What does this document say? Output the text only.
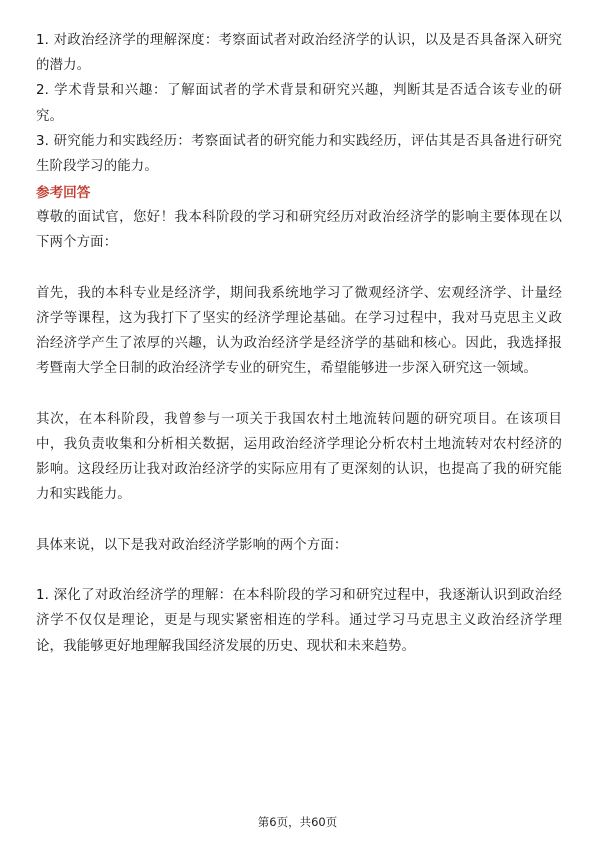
1. 对政治经济学的理解深度：考察面试者对政治经济学的认识，以及是否具备深入研究的潜力。

2. 学术背景和兴趣：了解面试者的学术背景和研究兴趣，判断其是否适合该专业的研究。

3. 研究能力和实践经历：考察面试者的研究能力和实践经历，评估其是否具备进行研究生阶段学习的能力。

参考回答

尊敬的面试官，您好！我本科阶段的学习和研究经历对政治经济学的影响主要体现在以下两个方面：

首先，我的本科专业是经济学，期间我系统地学习了微观经济学、宏观经济学、计量经济学等课程，这为我打下了坚实的经济学理论基础。在学习过程中，我对马克思主义政治经济学产生了浓厚的兴趣，认为政治经济学是经济学的基础和核心。因此，我选择报考暨南大学全日制的政治经济学专业的研究生，希望能够进一步深入研究这一领域。

其次，在本科阶段，我曾参与一项关于我国农村土地流转问题的研究项目。在该项目中，我负责收集和分析相关数据，运用政治经济学理论分析农村土地流转对农村经济的影响。这段经历让我对政治经济学的实际应用有了更深刻的认识，也提高了我的研究能力和实践能力。

具体来说，以下是我对政治经济学影响的两个方面：

1. 深化了对政治经济学的理解：在本科阶段的学习和研究过程中，我逐渐认识到政治经济学不仅仅是理论，更是与现实紧密相连的学科。通过学习马克思主义政治经济学理论，我能够更好地理解我国经济发展的历史、现状和未来趋势。

第6页，共60页
